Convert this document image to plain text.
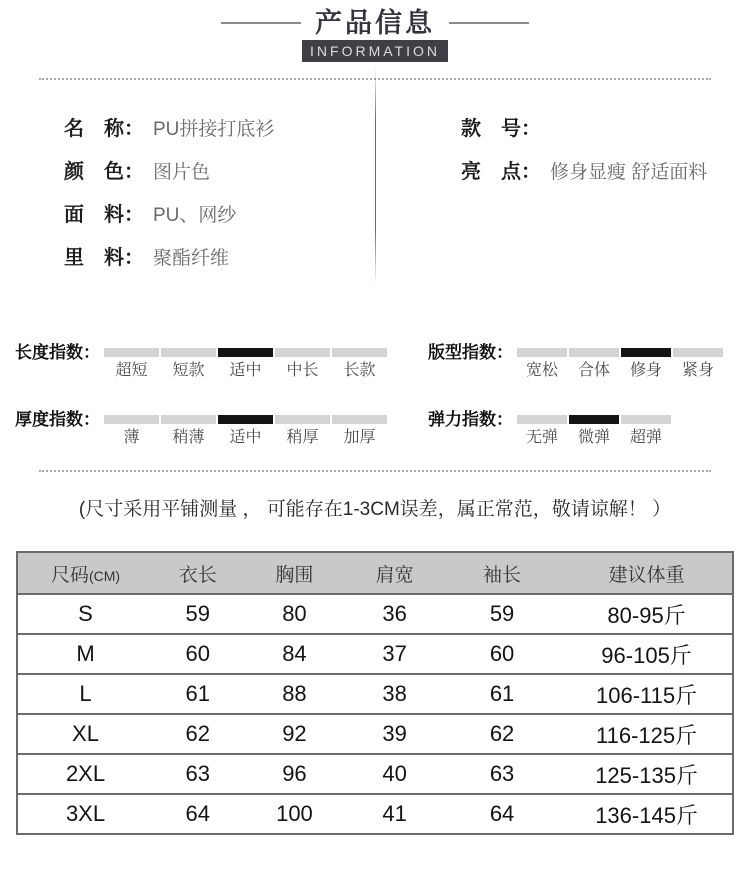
产品信息
INFORMATION
名　称： PU拼接打底衫
颜　色： 图片色
面　料： PU、网纱
里　料： 聚酯纤维
款　号：
亮　点： 修身显瘦 舒适面料
长度指数：
超短	短款	适中	中长	长款
版型指数：
宽松	合体	修身	紧身
厚度指数：
薄	稍薄	适中	稍厚	加厚
弹力指数：
无弹	微弹	超弹
(尺寸采用平铺测量 ， 可能存在1-3CM误差，属正常范，敬请谅解！ ）
尺码(CM)	衣长	胸围	肩宽	袖长	建议体重
S	59	80	36	59	80-95斤
M	60	84	37	60	96-105斤
L	61	88	38	61	106-115斤
XL	62	92	39	62	116-125斤
2XL	63	96	40	63	125-135斤
3XL	64	100	41	64	136-145斤
